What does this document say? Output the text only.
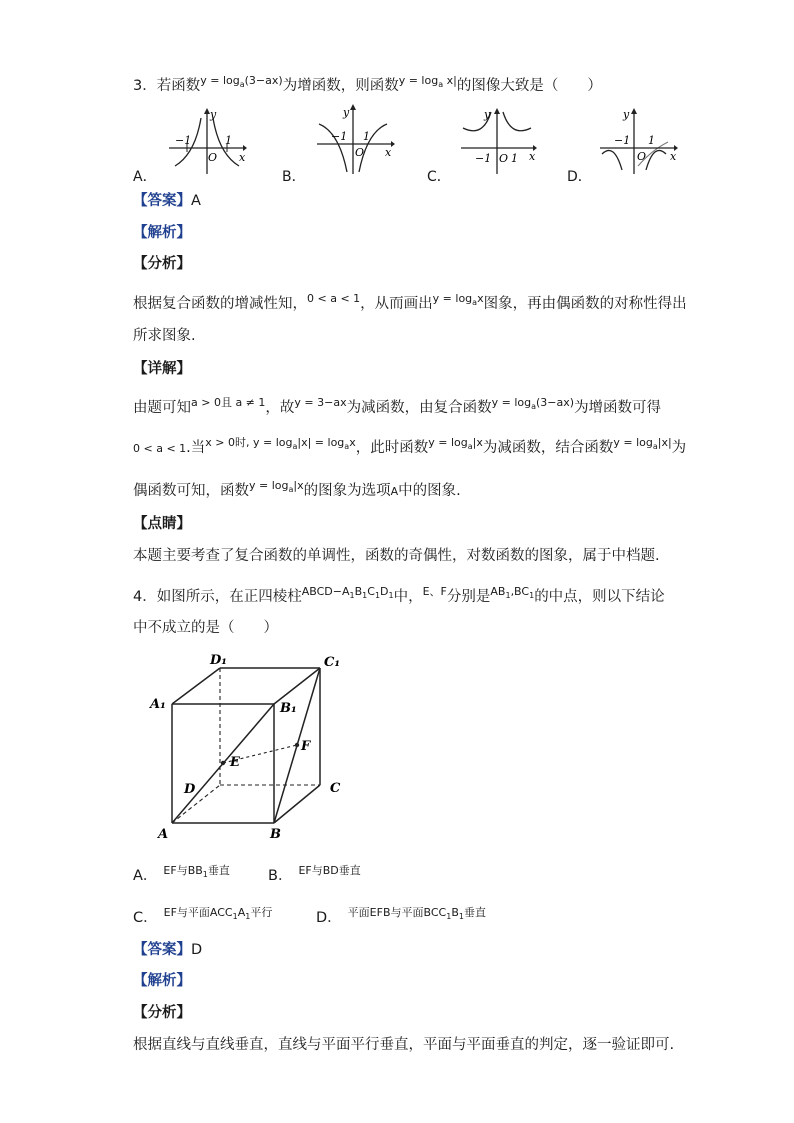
3．若函数$^{y = log_a(3-ax)}$为增函数，则函数$^{y = log_a x|}$的图像大致是（　　）
A．
−1	1
y
x
O
B．
−1 1
y
x
O
C．
−1 1
y
x
O
D．
−1 1
y
x
O
【答案】A
【解析】
【分析】
根据复合函数的增减性知，$^{0 < a < 1}$，从而画出$^{y = log_ax}$图象，再由偶函数的对称性得出
所求图象.
【详解】
由题可知$^{a > 0且 a \ne 1}$，故$^{y = 3-ax}$为减函数，由复合函数$^{y = log_a(3-ax)}$为增函数可得
0 < a < 1.当$^{x > 0时, y = log_a|x| = log_ax}$，此时函数$^{y = log_a|x}$为减函数，结合函数$^{y = log_a|x|}$为
偶函数可知，函数$^{y = log_a|x}$的图象为选项A中的图象.
【点睛】
本题主要考查了复合函数的单调性，函数的奇偶性，对数函数的图象，属于中档题.
4．如图所示，在正四棱柱$^{ABCD-A_1B_1C_1D_1}$中，$^{E、F}$分别是$^{AB_1,BC_1}$的中点，则以下结论
中不成立的是（　　）
D₁	C₁
A₁	B₁
E
F
D	C
A	B
A． $^{EF与BB_1垂直}$	B． $^{EF与BD垂直}$
C． $^{EF与平面ACC_1A_1平行}$	D． $^{平面EFB与平面BCC_1B_1垂直}$
【答案】D
【解析】
【分析】
根据直线与直线垂直，直线与平面平行垂直，平面与平面垂直的判定，逐一验证即可.
